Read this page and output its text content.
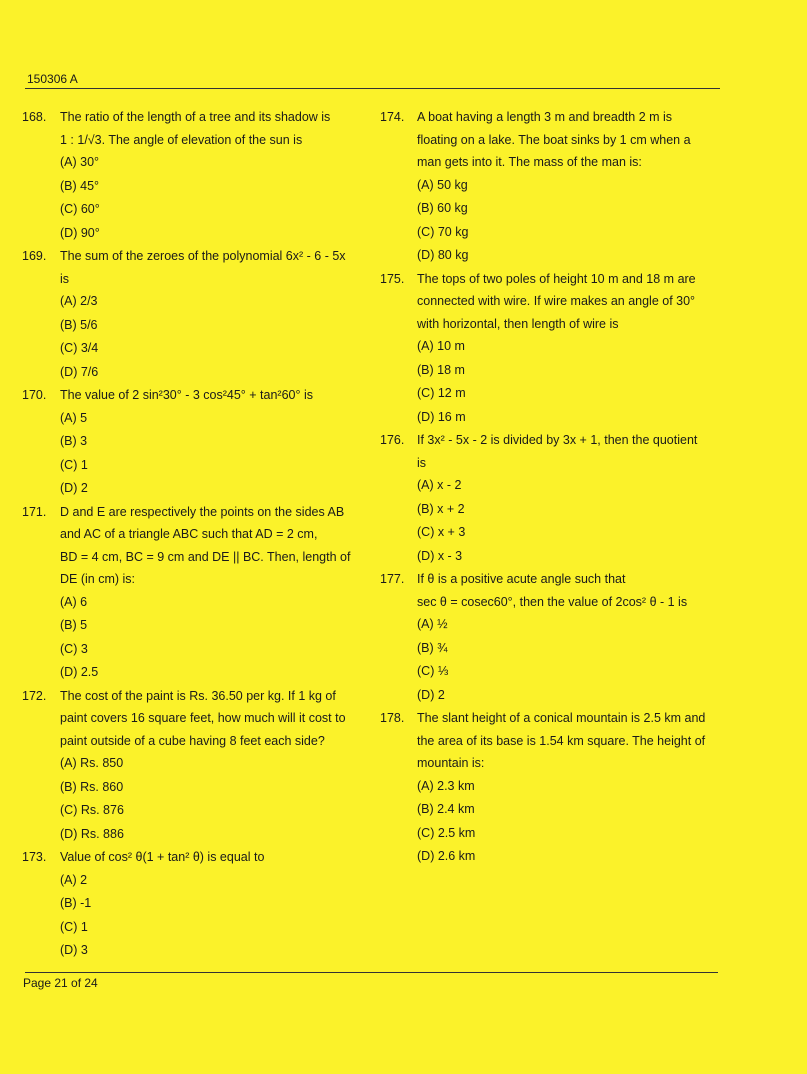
150306 A
168. The ratio of the length of a tree and its shadow is
1 : 1/√3. The angle of elevation of the sun is
(A) 30°
(B) 45°
(C) 60°
(D) 90°
169. The sum of the zeroes of the polynomial 6x² - 6 - 5x
is
(A) 2/3
(B) 5/6
(C) 3/4
(D) 7/6
170. The value of 2 sin²30° - 3 cos²45° + tan²60° is
(A) 5
(B) 3
(C) 1
(D) 2
171. D and E are respectively the points on the sides AB
and AC of a triangle ABC such that AD = 2 cm,
BD = 4 cm, BC = 9 cm and DE || BC. Then, length of
DE (in cm) is:
(A) 6
(B) 5
(C) 3
(D) 2.5
172. The cost of the paint is Rs. 36.50 per kg. If 1 kg of
paint covers 16 square feet, how much will it cost to
paint outside of a cube having 8 feet each side?
(A) Rs. 850
(B) Rs. 860
(C) Rs. 876
(D) Rs. 886
173. Value of cos² θ(1 + tan² θ) is equal to
(A) 2
(B) -1
(C) 1
(D) 3
174. A boat having a length 3 m and breadth 2 m is
floating on a lake. The boat sinks by 1 cm when a
man gets into it. The mass of the man is:
(A) 50 kg
(B) 60 kg
(C) 70 kg
(D) 80 kg
175. The tops of two poles of height 10 m and 18 m are
connected with wire. If wire makes an angle of 30°
with horizontal, then length of wire is
(A) 10 m
(B) 18 m
(C) 12 m
(D) 16 m
176. If 3x² - 5x - 2 is divided by 3x + 1, then the quotient
is
(A) x - 2
(B) x + 2
(C) x + 3
(D) x - 3
177. If θ is a positive acute angle such that
sec θ = cosec60°, then the value of 2cos² θ - 1 is
(A) ½
(B) ¾
(C) ⅓
(D) 2
178. The slant height of a conical mountain is 2.5 km and
the area of its base is 1.54 km square. The height of
mountain is:
(A) 2.3 km
(B) 2.4 km
(C) 2.5 km
(D) 2.6 km
Page 21 of 24
